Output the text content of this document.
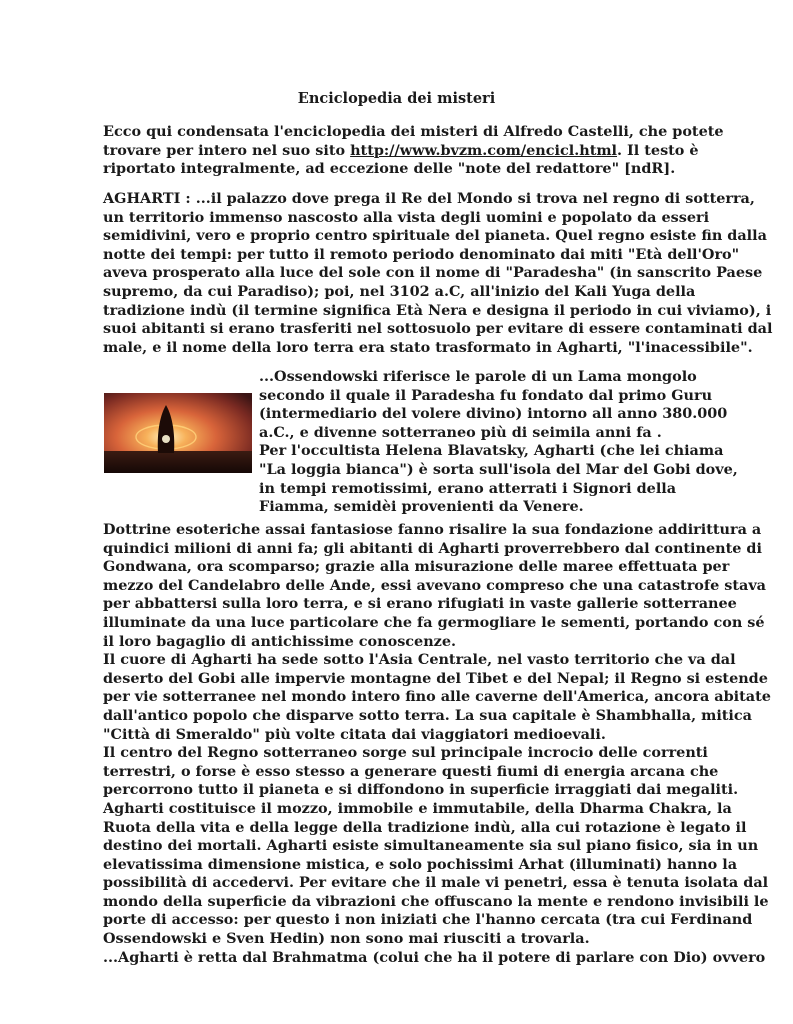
Enciclopedia dei misteri
Ecco qui condensata l'enciclopedia dei misteri di Alfredo Castelli, che potete
trovare per intero nel suo sito http://www.bvzm.com/encicl.html. Il testo è
riportato integralmente, ad eccezione delle "note del redattore" [ndR].
AGHARTI : ...il palazzo dove prega il Re del Mondo si trova nel regno di sotterra,
un territorio immenso nascosto alla vista degli uomini e popolato da esseri
semidivini, vero e proprio centro spirituale del pianeta. Quel regno esiste fin dalla
notte dei tempi: per tutto il remoto periodo denominato dai miti "Età dell'Oro"
aveva prosperato alla luce del sole con il nome di "Paradesha" (in sanscrito Paese
supremo, da cui Paradiso); poi, nel 3102 a.C, all'inizio del Kali Yuga della
tradizione indù (il termine significa Età Nera e designa il periodo in cui viviamo), i
suoi abitanti si erano trasferiti nel sottosuolo per evitare di essere contaminati dal
male, e il nome della loro terra era stato trasformato in Agharti, "l'inacessibile".
...Ossendowski riferisce le parole di un Lama mongolo
secondo il quale il Paradesha fu fondato dal primo Guru
(intermediario del volere divino) intorno all anno 380.000
a.C., e divenne sotterraneo più di seimila anni fa .
Per l'occultista Helena Blavatsky, Agharti (che lei chiama
"La loggia bianca") è sorta sull'isola del Mar del Gobi dove,
in tempi remotissimi, erano atterrati i Signori della
Fiamma, semidèi provenienti da Venere.
Dottrine esoteriche assai fantasiose fanno risalire la sua fondazione addirittura a
quindici milioni di anni fa; gli abitanti di Agharti proverrebbero dal continente di
Gondwana, ora scomparso; grazie alla misurazione delle maree effettuata per
mezzo del Candelabro delle Ande, essi avevano compreso che una catastrofe stava
per abbattersi sulla loro terra, e si erano rifugiati in vaste gallerie sotterranee
illuminate da una luce particolare che fa germogliare le sementi, portando con sé
il loro bagaglio di antichissime conoscenze.
Il cuore di Agharti ha sede sotto l'Asia Centrale, nel vasto territorio che va dal
deserto del Gobi alle impervie montagne del Tibet e del Nepal; il Regno si estende
per vie sotterranee nel mondo intero fino alle caverne dell'America, ancora abitate
dall'antico popolo che disparve sotto terra. La sua capitale è Shambhalla, mitica
"Città di Smeraldo" più volte citata dai viaggiatori medioevali.
Il centro del Regno sotterraneo sorge sul principale incrocio delle correnti
terrestri, o forse è esso stesso a generare questi fiumi di energia arcana che
percorrono tutto il pianeta e si diffondono in superficie irraggiati dai megaliti.
Agharti costituisce il mozzo, immobile e immutabile, della Dharma Chakra, la
Ruota della vita e della legge della tradizione indù, alla cui rotazione è legato il
destino dei mortali. Agharti esiste simultaneamente sia sul piano fisico, sia in un
elevatissima dimensione mistica, e solo pochissimi Arhat (illuminati) hanno la
possibilità di accedervi. Per evitare che il male vi penetri, essa è tenuta isolata dal
mondo della superficie da vibrazioni che offuscano la mente e rendono invisibili le
porte di accesso: per questo i non iniziati che l'hanno cercata (tra cui Ferdinand
Ossendowski e Sven Hedin) non sono mai riusciti a trovarla.
...Agharti è retta dal Brahmatma (colui che ha il potere di parlare con Dio) ovvero
